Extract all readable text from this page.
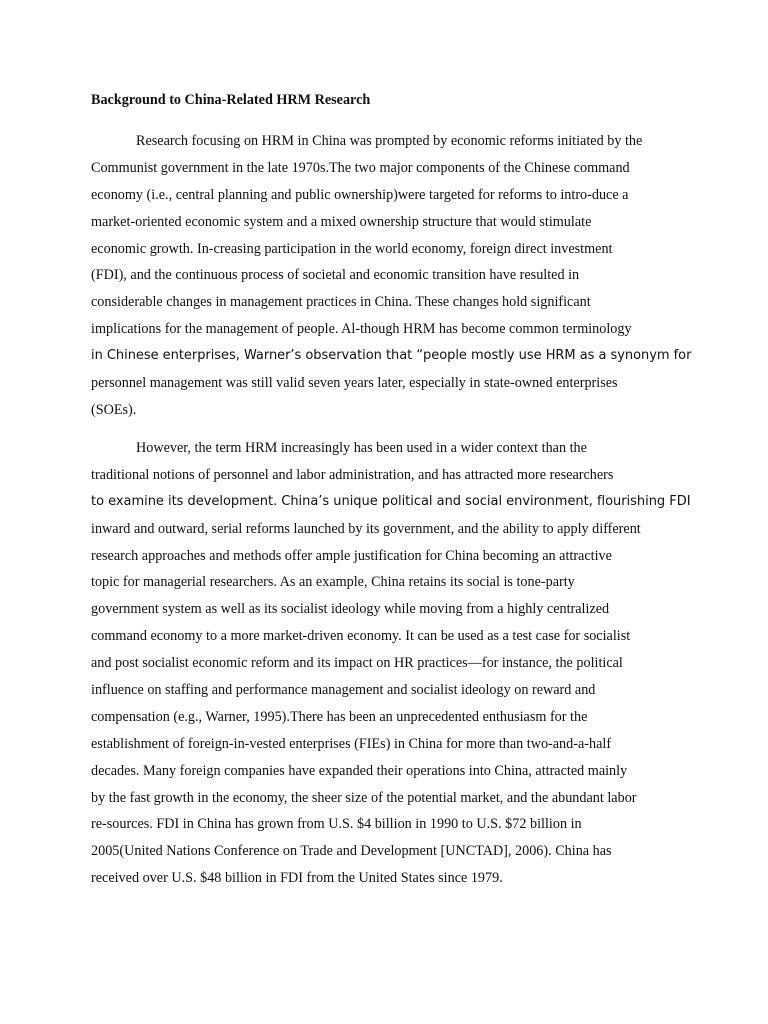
Background to China-Related HRM Research
Research focusing on HRM in China was prompted by economic reforms initiated by the
Communist government in the late 1970s.The two major components of the Chinese command
economy (i.e., central planning and public ownership)were targeted for reforms to intro-duce a
market-oriented economic system and a mixed ownership structure that would stimulate
economic growth. In-creasing participation in the world economy, foreign direct investment
(FDI), and the continuous process of societal and economic transition have resulted in
considerable changes in management practices in China. These changes hold significant
implications for the management of people. Al-though HRM has become common terminology
in Chinese enterprises, Warner’s observation that “people mostly use HRM as a synonym for
personnel management was still valid seven years later, especially in state-owned enterprises
(SOEs).
However, the term HRM increasingly has been used in a wider context than the
traditional notions of personnel and labor administration, and has attracted more researchers
to examine its development. China’s unique political and social environment, flourishing FDI
inward and outward, serial reforms launched by its government, and the ability to apply different
research approaches and methods offer ample justification for China becoming an attractive
topic for managerial researchers. As an example, China retains its social is tone-party
government system as well as its socialist ideology while moving from a highly centralized
command economy to a more market-driven economy. It can be used as a test case for socialist
and post socialist economic reform and its impact on HR practices—for instance, the political
influence on staffing and performance management and socialist ideology on reward and
compensation (e.g., Warner, 1995).There has been an unprecedented enthusiasm for the
establishment of foreign-in-vested enterprises (FIEs) in China for more than two-and-a-half
decades. Many foreign companies have expanded their operations into China, attracted mainly
by the fast growth in the economy, the sheer size of the potential market, and the abundant labor
re-sources. FDI in China has grown from U.S. $4 billion in 1990 to U.S. $72 billion in
2005(United Nations Conference on Trade and Development [UNCTAD], 2006). China has
received over U.S. $48 billion in FDI from the United States since 1979.
